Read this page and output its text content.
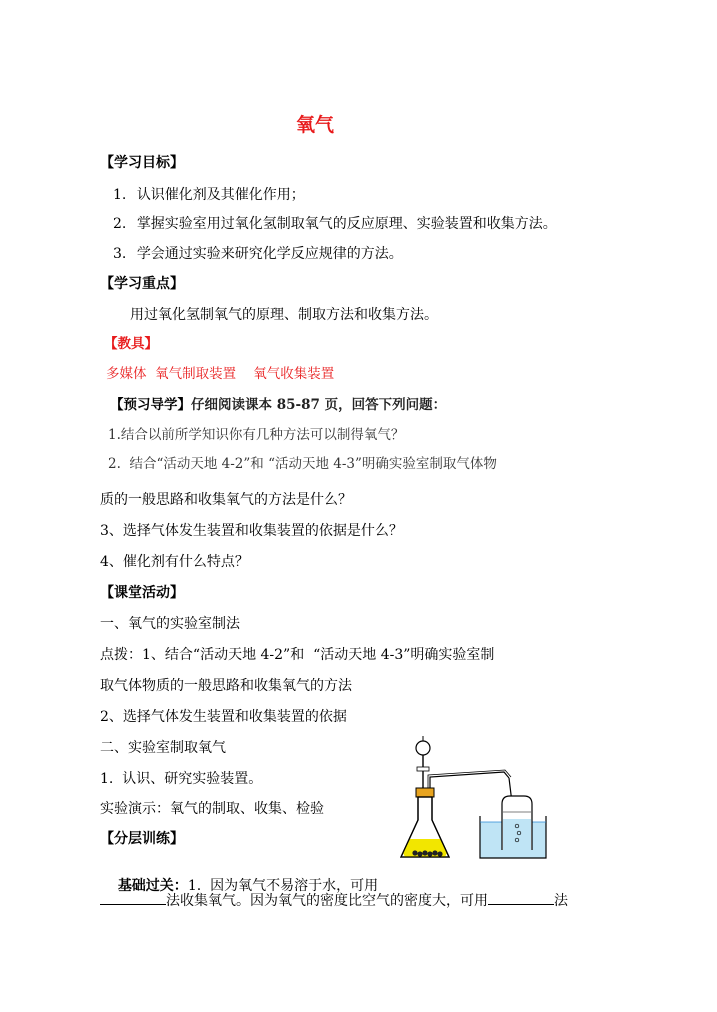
氧气
【学习目标】
1. 认识催化剂及其催化作用；
2. 掌握实验室用过氧化氢制取氧气的反应原理、实验装置和收集方法。
3. 学会通过实验来研究化学反应规律的方法。
【学习重点】
用过氧化氢制氧气的原理、制取方法和收集方法。
【教具】
多媒体  氧气制取装置    氧气收集装置
【预习导学】仔细阅读课本 85-87 页，回答下列问题：
1.结合以前所学知识你有几种方法可以制得氧气？
2.  结合“活动天地 4-2”和 “活动天地 4-3”明确实验室制取气体物
质的一般思路和收集氧气的方法是什么？
3、选择气体发生装置和收集装置的依据是什么？
4、催化剂有什么特点？
【课堂活动】
一、氧气的实验室制法
点拨：1、结合“活动天地 4-2”和  “活动天地 4-3”明确实验室制
取气体物质的一般思路和收集氧气的方法
2、选择气体发生装置和收集装置的依据
二、实验室制取氧气
1.  认识、研究实验装置。
实验演示：氧气的制取、收集、检验
【分层训练】

基础过关：1.  因为氧气不易溶于水，可用

法收集氧气。因为氧气的密度比空气的密度大，可用	法
